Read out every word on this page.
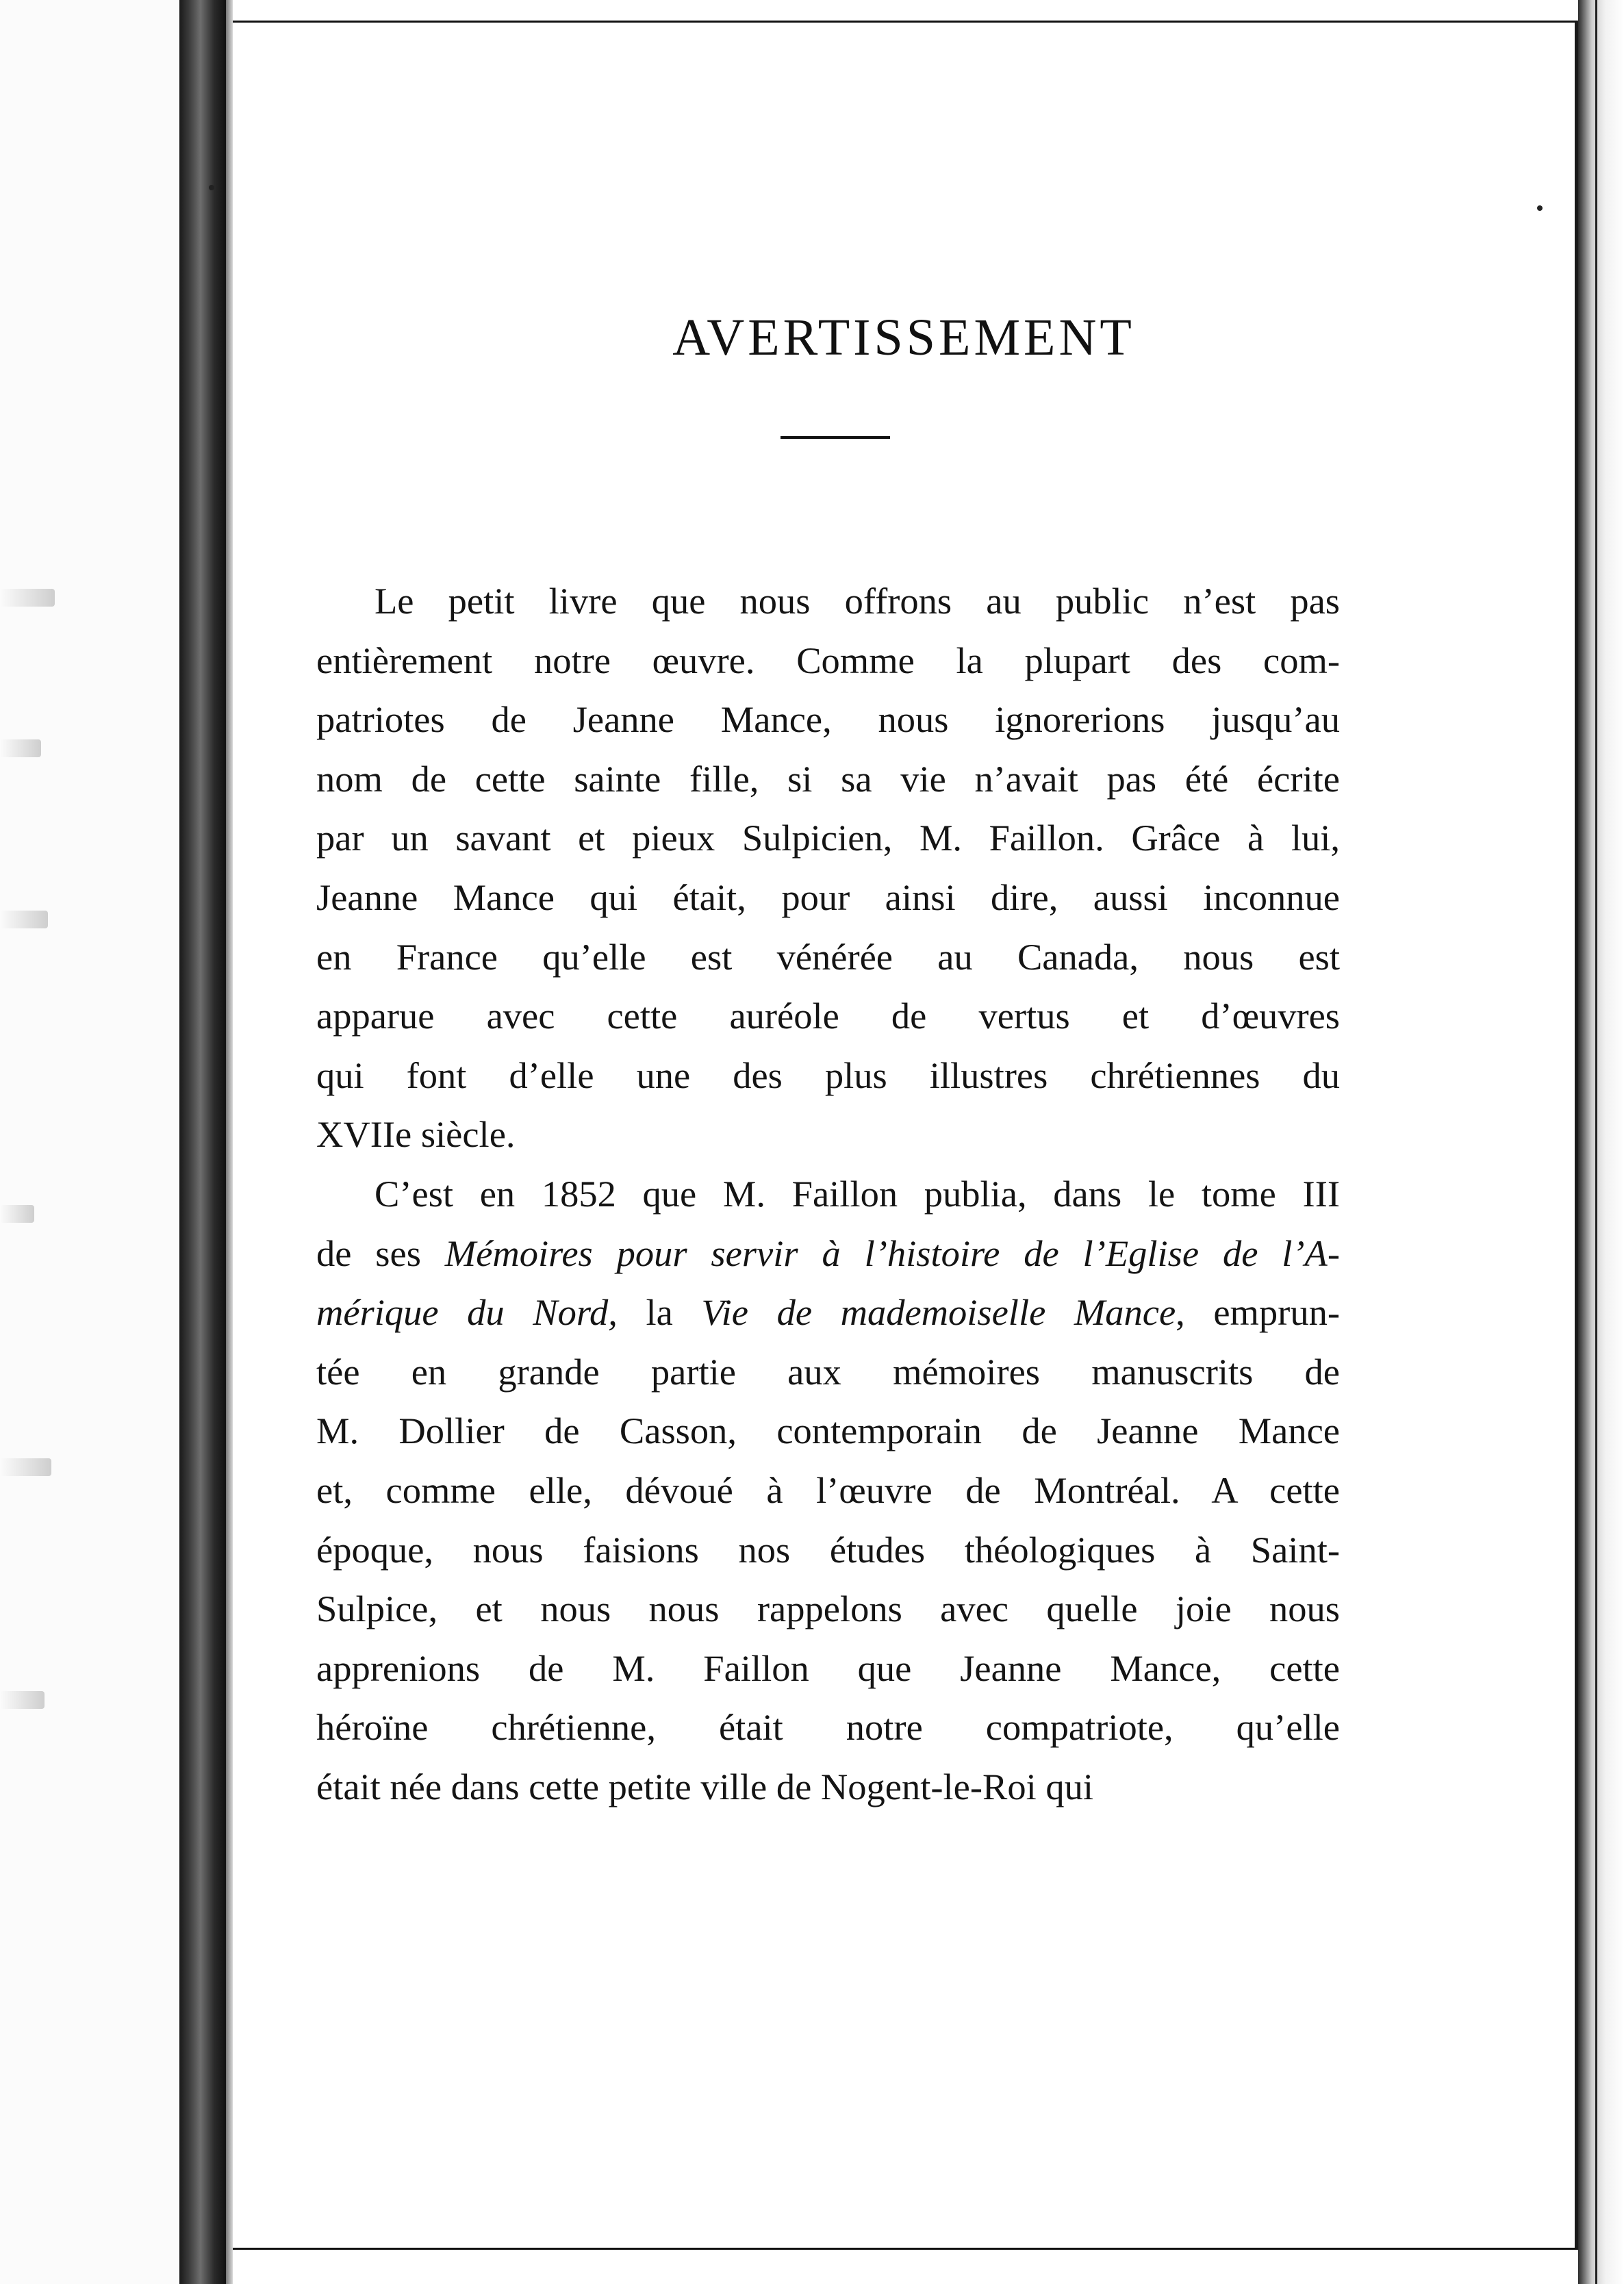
AVERTISSEMENT
Le petit livre que nous offrons au public n’est pas
entièrement notre œuvre. Comme la plupart des com-
patriotes de Jeanne Mance, nous ignorerions jusqu’au
nom de cette sainte fille, si sa vie n’avait pas été écrite
par un savant et pieux Sulpicien, M. Faillon. Grâce à lui,
Jeanne Mance qui était, pour ainsi dire, aussi inconnue
en France qu’elle est vénérée au Canada, nous est
apparue avec cette auréole de vertus et d’œuvres
qui font d’elle une des plus illustres chrétiennes du
XVIIe siècle.
C’est en 1852 que M. Faillon publia, dans le tome III
de ses Mémoires pour servir à l’histoire de l’Eglise de l’A-
mérique du Nord, la Vie de mademoiselle Mance, emprun-
tée en grande partie aux mémoires manuscrits de
M. Dollier de Casson, contemporain de Jeanne Mance
et, comme elle, dévoué à l’œuvre de Montréal. A cette
époque, nous faisions nos études théologiques à Saint-
Sulpice, et nous nous rappelons avec quelle joie nous
apprenions de M. Faillon que Jeanne Mance, cette
héroïne chrétienne, était notre compatriote, qu’elle
était née dans cette petite ville de Nogent-le-Roi qui
